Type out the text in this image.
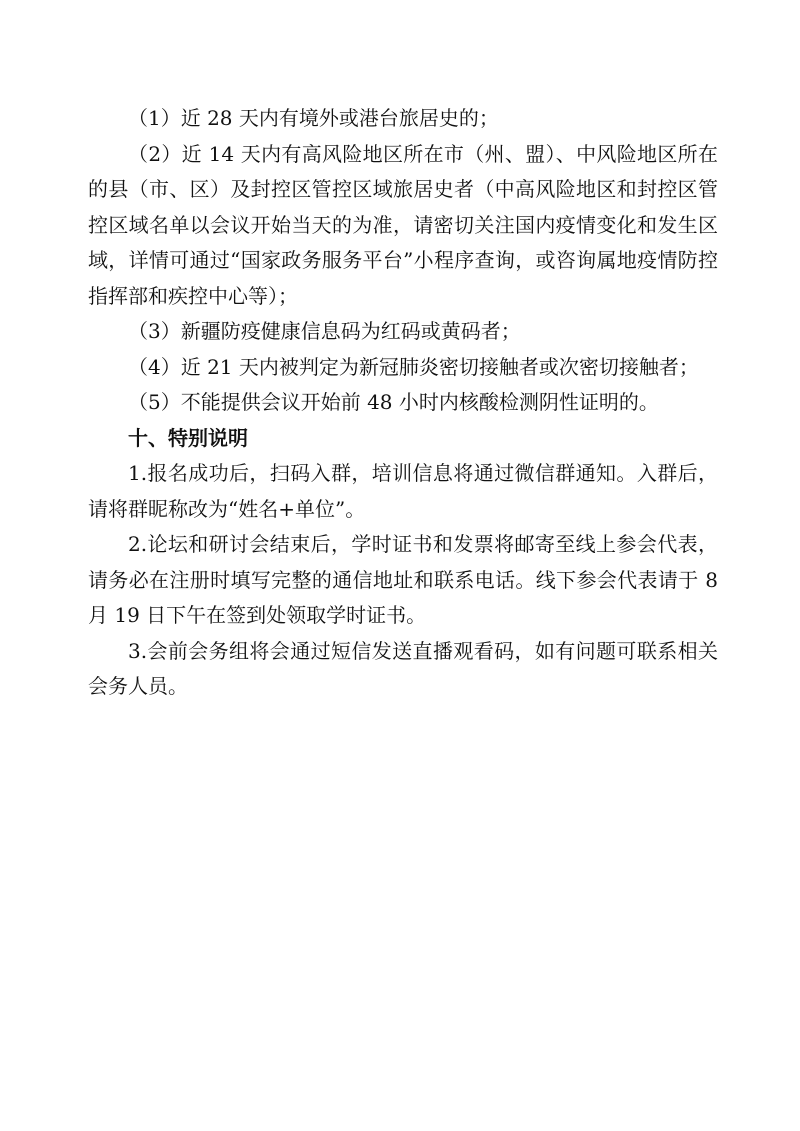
（1）近 28 天内有境外或港台旅居史的；

（2）近 14 天内有高风险地区所在市（州、盟）、中风险地区所在的县（市、区）及封控区管控区域旅居史者（中高风险地区和封控区管控区域名单以会议开始当天的为准，请密切关注国内疫情变化和发生区域，详情可通过“国家政务服务平台”小程序查询，或咨询属地疫情防控指挥部和疾控中心等）；

（3）新疆防疫健康信息码为红码或黄码者；

（4）近 21 天内被判定为新冠肺炎密切接触者或次密切接触者；

（5）不能提供会议开始前 48 小时内核酸检测阴性证明的。

十、特别说明

1.报名成功后，扫码入群，培训信息将通过微信群通知。入群后，请将群昵称改为“姓名+单位”。

2.论坛和研讨会结束后，学时证书和发票将邮寄至线上参会代表，请务必在注册时填写完整的通信地址和联系电话。线下参会代表请于 8 月 19 日下午在签到处领取学时证书。

3.会前会务组将会通过短信发送直播观看码，如有问题可联系相关会务人员。
